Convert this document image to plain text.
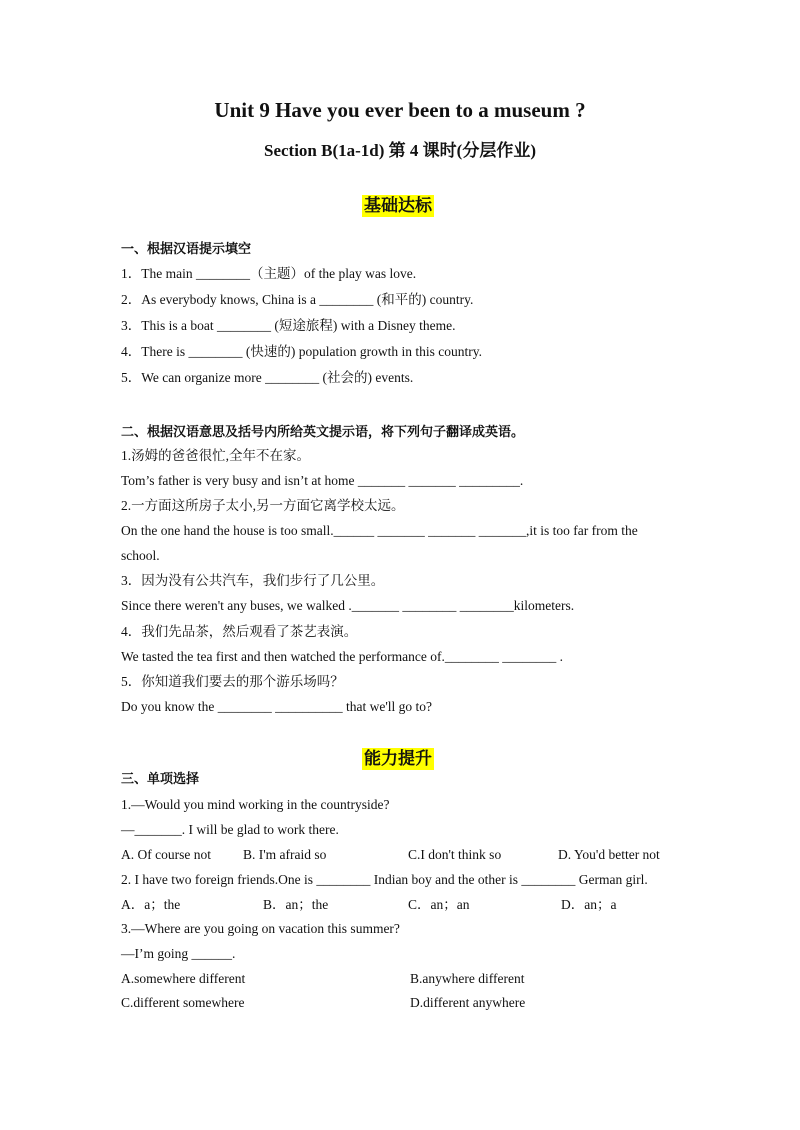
Unit 9 Have you ever been to a museum ?
Section B(1a-1d) 第 4 课时(分层作业)
基础达标
一、根据汉语提示填空
1．The main ________（主题）of the play was love.
2．As everybody knows, China is a ________ (和平的) country.
3．This is a boat ________ (短途旅程) with a Disney theme.
4．There is ________ (快速的) population growth in this country.
5．We can organize more ________ (社会的) events.
二、根据汉语意思及括号内所给英文提示语，将下列句子翻译成英语。
1.汤姆的爸爸很忙,全年不在家。
Tom’s father is very busy and isn’t at home _______ _______ _________.
2.一方面这所房子太小,另一方面它离学校太远。
On the one hand the house is too small.______ _______ _______ _______,it is too far from the
school.
3．因为没有公共汽车，我们步行了几公里。
Since there weren't any buses, we walked ._______ ________ ________kilometers.
4．我们先品茶，然后观看了茶艺表演。
We tasted the tea first and then watched the performance of.________ ________ .
5．你知道我们要去的那个游乐场吗？
Do you know the ________ __________ that we'll go to?
能力提升
三、单项选择
1.—Would you mind working in the countryside?
—_______. I will be glad to work there.
A. Of course not B. I'm afraid so	C.I don't think so	D. You'd better not
2. I have two foreign friends.One is ________ Indian boy and the other is ________ German girl.
A．a；the	B．an；the	C．an；an	D．an；a
3.—Where are you going on vacation this summer?
—I’m going ______.
A.somewhere different	B.anywhere different
C.different somewhere	D.different anywhere
